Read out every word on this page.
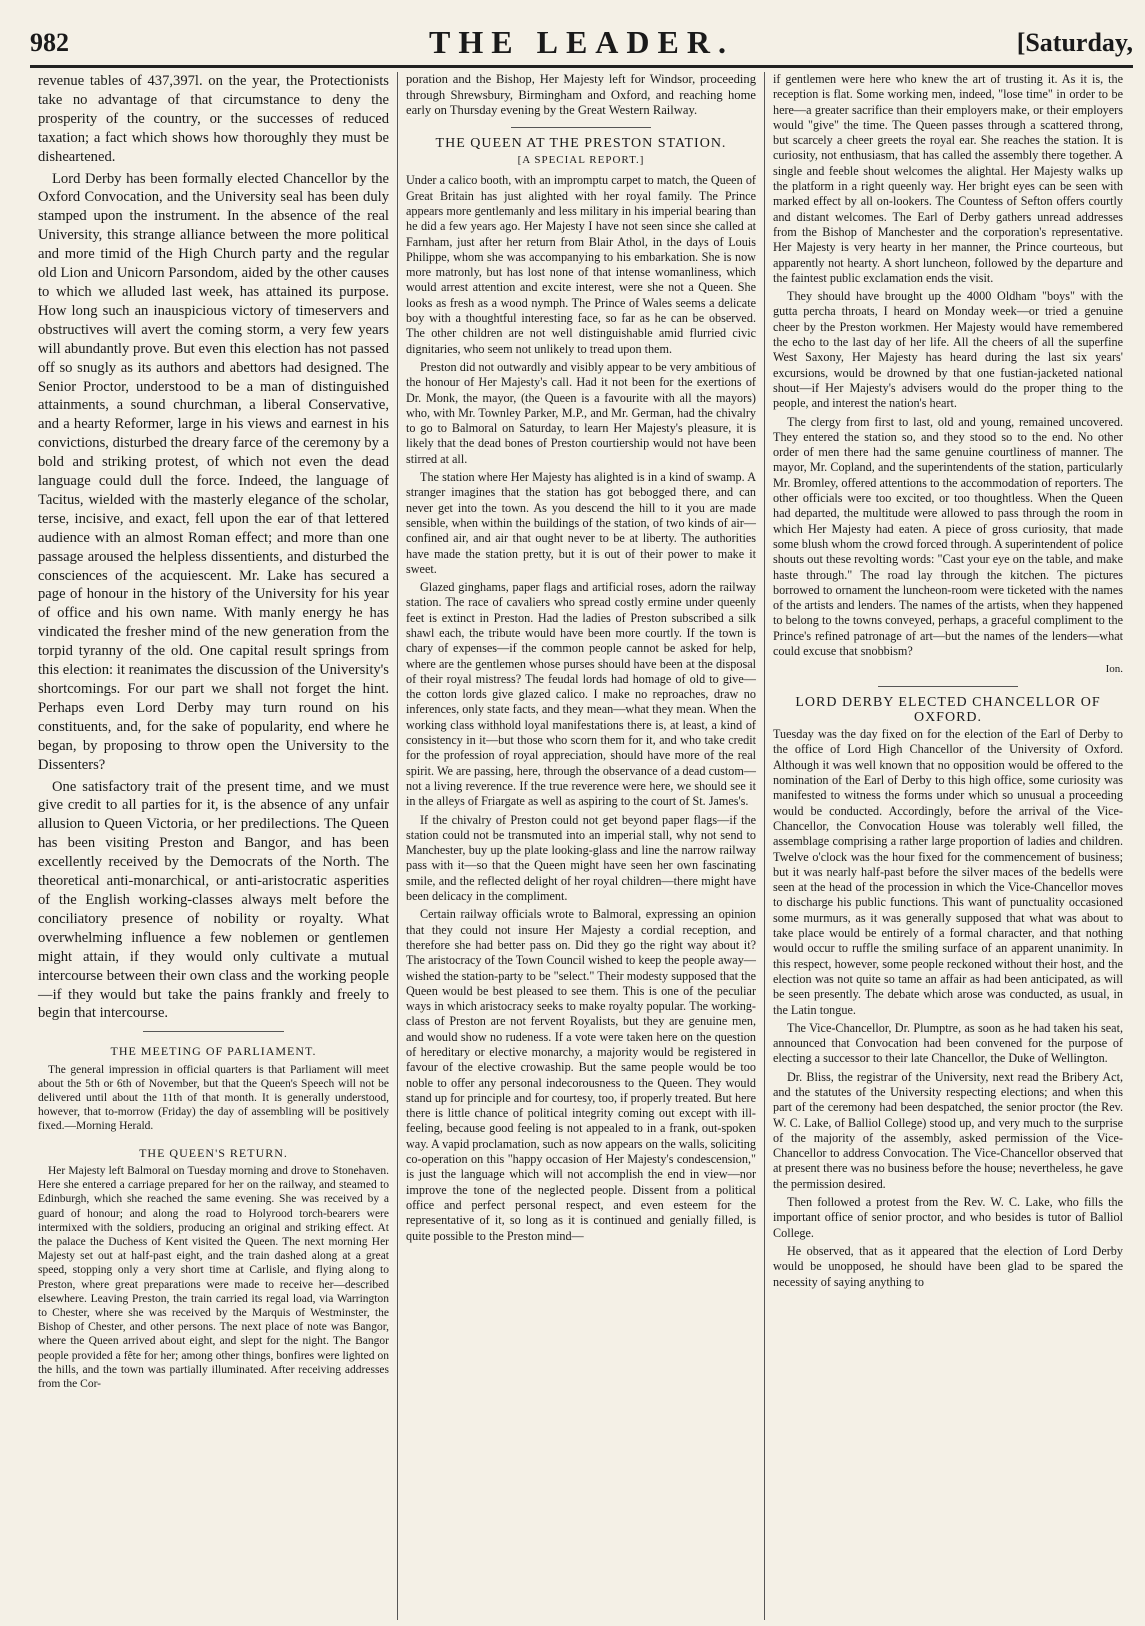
982	THE LEADER.	[Saturday,

revenue tables of 437,397l. on the year, the Protectionists take no advantage of that circumstance to deny the prosperity of the country, or the successes of reduced taxation; a fact which shows how thoroughly they must be disheartened.

Lord Derby has been formally elected Chancellor by the Oxford Convocation, and the University seal has been duly stamped upon the instrument. In the absence of the real University, this strange alliance between the more political and more timid of the High Church party and the regular old Lion and Unicorn Parsondom, aided by the other causes to which we alluded last week, has attained its purpose. How long such an inauspicious victory of timeservers and obstructives will avert the coming storm, a very few years will abundantly prove. But even this election has not passed off so snugly as its authors and abettors had designed. The Senior Proctor, understood to be a man of distinguished attainments, a sound churchman, a liberal Conservative, and a hearty Reformer, large in his views and earnest in his convictions, disturbed the dreary farce of the ceremony by a bold and striking protest, of which not even the dead language could dull the force. Indeed, the language of Tacitus, wielded with the masterly elegance of the scholar, terse, incisive, and exact, fell upon the ear of that lettered audience with an almost Roman effect; and more than one passage aroused the helpless dissentients, and disturbed the consciences of the acquiescent. Mr. Lake has secured a page of honour in the history of the University for his year of office and his own name. With manly energy he has vindicated the fresher mind of the new generation from the torpid tyranny of the old. One capital result springs from this election: it reanimates the discussion of the University's shortcomings. For our part we shall not forget the hint. Perhaps even Lord Derby may turn round on his constituents, and, for the sake of popularity, end where he began, by proposing to throw open the University to the Dissenters?

One satisfactory trait of the present time, and we must give credit to all parties for it, is the absence of any unfair allusion to Queen Victoria, or her predilections. The Queen has been visiting Preston and Bangor, and has been excellently received by the Democrats of the North. The theoretical anti-monarchical, or anti-aristocratic asperities of the English working-classes always melt before the conciliatory presence of nobility or royalty. What overwhelming influence a few noblemen or gentlemen might attain, if they would only cultivate a mutual intercourse between their own class and the working people—if they would but take the pains frankly and freely to begin that intercourse.

THE MEETING OF PARLIAMENT.

The general impression in official quarters is that Parliament will meet about the 5th or 6th of November, but that the Queen's Speech will not be delivered until about the 11th of that month. It is generally understood, however, that to-morrow (Friday) the day of assembling will be positively fixed.—Morning Herald.

THE QUEEN'S RETURN.

Her Majesty left Balmoral on Tuesday morning and drove to Stonehaven. Here she entered a carriage prepared for her on the railway, and steamed to Edinburgh, which she reached the same evening. She was received by a guard of honour; and along the road to Holyrood torch-bearers were intermixed with the soldiers, producing an original and striking effect. At the palace the Duchess of Kent visited the Queen. The next morning Her Majesty set out at half-past eight, and the train dashed along at a great speed, stopping only a very short time at Carlisle, and flying along to Preston, where great preparations were made to receive her—described elsewhere. Leaving Preston, the train carried its regal load, via Warrington to Chester, where she was received by the Marquis of Westminster, the Bishop of Chester, and other persons. The next place of note was Bangor, where the Queen arrived about eight, and slept for the night. The Bangor people provided a fête for her; among other things, bonfires were lighted on the hills, and the town was partially illuminated. After receiving addresses from the Cor-

poration and the Bishop, Her Majesty left for Windsor, proceeding through Shrewsbury, Birmingham and Oxford, and reaching home early on Thursday evening by the Great Western Railway.

THE QUEEN AT THE PRESTON STATION.
[A SPECIAL REPORT.]

Under a calico booth, with an impromptu carpet to match, the Queen of Great Britain has just alighted with her royal family. The Prince appears more gentlemanly and less military in his imperial bearing than he did a few years ago. Her Majesty I have not seen since she called at Farnham, just after her return from Blair Athol, in the days of Louis Philippe, whom she was accompanying to his embarkation. She is now more matronly, but has lost none of that intense womanliness, which would arrest attention and excite interest, were she not a Queen. She looks as fresh as a wood nymph. The Prince of Wales seems a delicate boy with a thoughtful interesting face, so far as he can be observed. The other children are not well distinguishable amid flurried civic dignitaries, who seem not unlikely to tread upon them.

Preston did not outwardly and visibly appear to be very ambitious of the honour of Her Majesty's call. Had it not been for the exertions of Dr. Monk, the mayor, (the Queen is a favourite with all the mayors) who, with Mr. Townley Parker, M.P., and Mr. German, had the chivalry to go to Balmoral on Saturday, to learn Her Majesty's pleasure, it is likely that the dead bones of Preston courtiership would not have been stirred at all.

The station where Her Majesty has alighted is in a kind of swamp. A stranger imagines that the station has got bebogged there, and can never get into the town. As you descend the hill to it you are made sensible, when within the buildings of the station, of two kinds of air—confined air, and air that ought never to be at liberty. The authorities have made the station pretty, but it is out of their power to make it sweet.

Glazed ginghams, paper flags and artificial roses, adorn the railway station. The race of cavaliers who spread costly ermine under queenly feet is extinct in Preston. Had the ladies of Preston subscribed a silk shawl each, the tribute would have been more courtly. If the town is chary of expenses—if the common people cannot be asked for help, where are the gentlemen whose purses should have been at the disposal of their royal mistress? The feudal lords had homage of old to give—the cotton lords give glazed calico. I make no reproaches, draw no inferences, only state facts, and they mean—what they mean. When the working class withhold loyal manifestations there is, at least, a kind of consistency in it—but those who scorn them for it, and who take credit for the profession of royal appreciation, should have more of the real spirit. We are passing, here, through the observance of a dead custom—not a living reverence. If the true reverence were here, we should see it in the alleys of Friargate as well as aspiring to the court of St. James's.

If the chivalry of Preston could not get beyond paper flags—if the station could not be transmuted into an imperial stall, why not send to Manchester, buy up the plate looking-glass and line the narrow railway pass with it—so that the Queen might have seen her own fascinating smile, and the reflected delight of her royal children—there might have been delicacy in the compliment.

Certain railway officials wrote to Balmoral, expressing an opinion that they could not insure Her Majesty a cordial reception, and therefore she had better pass on. Did they go the right way about it? The aristocracy of the Town Council wished to keep the people away—wished the station-party to be "select." Their modesty supposed that the Queen would be best pleased to see them. This is one of the peculiar ways in which aristocracy seeks to make royalty popular. The working-class of Preston are not fervent Royalists, but they are genuine men, and would show no rudeness. If a vote were taken here on the question of hereditary or elective monarchy, a majority would be registered in favour of the elective crowaship. But the same people would be too noble to offer any personal indecorousness to the Queen. They would stand up for principle and for courtesy, too, if properly treated. But here there is little chance of political integrity coming out except with ill-feeling, because good feeling is not appealed to in a frank, out-spoken way. A vapid proclamation, such as now appears on the walls, soliciting co-operation on this "happy occasion of Her Majesty's condescension," is just the language which will not accomplish the end in view—nor improve the tone of the neglected people. Dissent from a political office and perfect personal respect, and even esteem for the representative of it, so long as it is continued and genially filled, is quite possible to the Preston mind—

if gentlemen were here who knew the art of trusting it. As it is, the reception is flat. Some working men, indeed, "lose time" in order to be here—a greater sacrifice than their employers make, or their employers would "give" the time. The Queen passes through a scattered throng, but scarcely a cheer greets the royal ear. She reaches the station. It is curiosity, not enthusiasm, that has called the assembly there together. A single and feeble shout welcomes the alightal. Her Majesty walks up the platform in a right queenly way. Her bright eyes can be seen with marked effect by all on-lookers. The Countess of Sefton offers courtly and distant welcomes. The Earl of Derby gathers unread addresses from the Bishop of Manchester and the corporation's representative. Her Majesty is very hearty in her manner, the Prince courteous, but apparently not hearty. A short luncheon, followed by the departure and the faintest public exclamation ends the visit.

They should have brought up the 4000 Oldham "boys" with the gutta percha throats, I heard on Monday week—or tried a genuine cheer by the Preston workmen. Her Majesty would have remembered the echo to the last day of her life. All the cheers of all the superfine West Saxony, Her Majesty has heard during the last six years' excursions, would be drowned by that one fustian-jacketed national shout—if Her Majesty's advisers would do the proper thing to the people, and interest the nation's heart.

The clergy from first to last, old and young, remained uncovered. They entered the station so, and they stood so to the end. No other order of men there had the same genuine courtliness of manner. The mayor, Mr. Copland, and the superintendents of the station, particularly Mr. Bromley, offered attentions to the accommodation of reporters. The other officials were too excited, or too thoughtless. When the Queen had departed, the multitude were allowed to pass through the room in which Her Majesty had eaten. A piece of gross curiosity, that made some blush whom the crowd forced through. A superintendent of police shouts out these revolting words: "Cast your eye on the table, and make haste through." The road lay through the kitchen. The pictures borrowed to ornament the luncheon-room were ticketed with the names of the artists and lenders. The names of the artists, when they happened to belong to the towns conveyed, perhaps, a graceful compliment to the Prince's refined patronage of art—but the names of the lenders—what could excuse that snobbism?

Ion.
LORD DERBY ELECTED CHANCELLOR OF OXFORD.

Tuesday was the day fixed on for the election of the Earl of Derby to the office of Lord High Chancellor of the University of Oxford. Although it was well known that no opposition would be offered to the nomination of the Earl of Derby to this high office, some curiosity was manifested to witness the forms under which so unusual a proceeding would be conducted. Accordingly, before the arrival of the Vice-Chancellor, the Convocation House was tolerably well filled, the assemblage comprising a rather large proportion of ladies and children. Twelve o'clock was the hour fixed for the commencement of business; but it was nearly half-past before the silver maces of the bedells were seen at the head of the procession in which the Vice-Chancellor moves to discharge his public functions. This want of punctuality occasioned some murmurs, as it was generally supposed that what was about to take place would be entirely of a formal character, and that nothing would occur to ruffle the smiling surface of an apparent unanimity. In this respect, however, some people reckoned without their host, and the election was not quite so tame an affair as had been anticipated, as will be seen presently. The debate which arose was conducted, as usual, in the Latin tongue.

The Vice-Chancellor, Dr. Plumptre, as soon as he had taken his seat, announced that Convocation had been convened for the purpose of electing a successor to their late Chancellor, the Duke of Wellington.

Dr. Bliss, the registrar of the University, next read the Bribery Act, and the statutes of the University respecting elections; and when this part of the ceremony had been despatched, the senior proctor (the Rev. W. C. Lake, of Balliol College) stood up, and very much to the surprise of the majority of the assembly, asked permission of the Vice-Chancellor to address Convocation. The Vice-Chancellor observed that at present there was no business before the house; nevertheless, he gave the permission desired.

Then followed a protest from the Rev. W. C. Lake, who fills the important office of senior proctor, and who besides is tutor of Balliol College.

He observed, that as it appeared that the election of Lord Derby would be unopposed, he should have been glad to be spared the necessity of saying anything to
